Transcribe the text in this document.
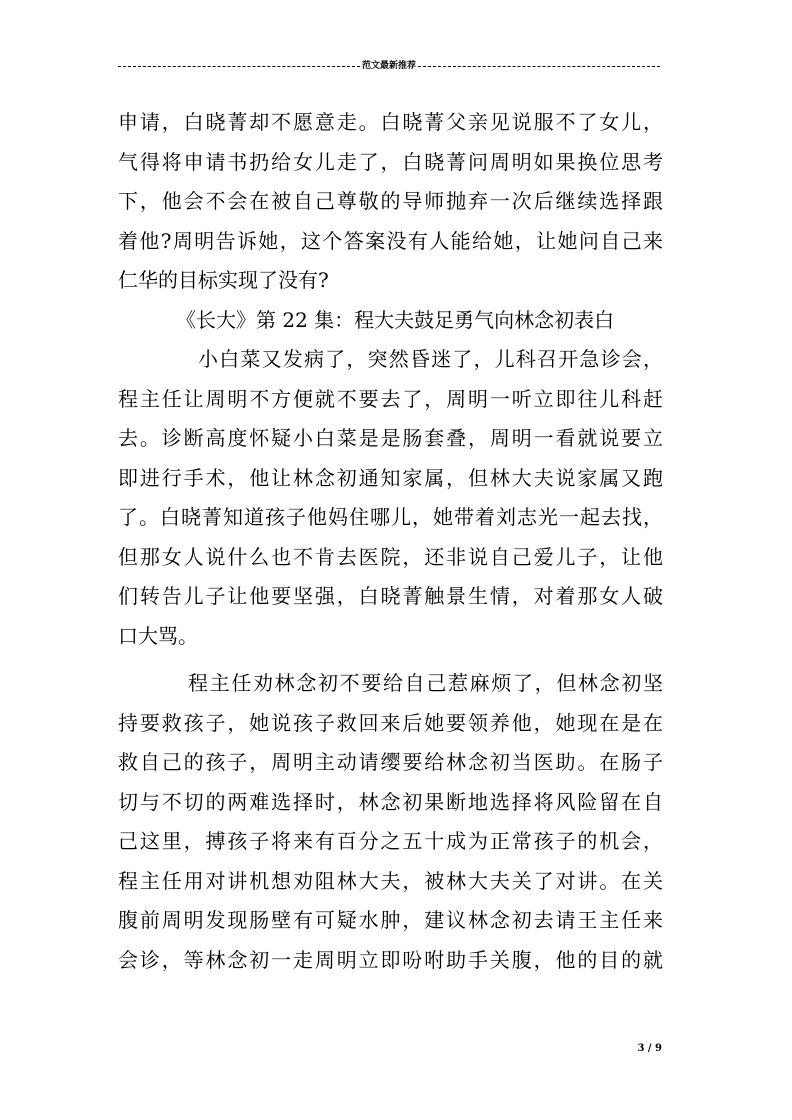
范文最新推荐
申请，白晓菁却不愿意走。白晓菁父亲见说服不了女儿，
气得将申请书扔给女儿走了，白晓菁问周明如果换位思考
下，他会不会在被自己尊敬的导师抛弃一次后继续选择跟
着他?周明告诉她，这个答案没有人能给她，让她问自己来
仁华的目标实现了没有?
《长大》第 22 集：程大夫鼓足勇气向林念初表白
小白菜又发病了，突然昏迷了，儿科召开急诊会，
程主任让周明不方便就不要去了，周明一听立即往儿科赶
去。诊断高度怀疑小白菜是是肠套叠，周明一看就说要立
即进行手术，他让林念初通知家属，但林大夫说家属又跑
了。白晓菁知道孩子他妈住哪儿，她带着刘志光一起去找，
但那女人说什么也不肯去医院，还非说自己爱儿子，让他
们转告儿子让他要坚强，白晓菁触景生情，对着那女人破
口大骂。
程主任劝林念初不要给自己惹麻烦了，但林念初坚
持要救孩子，她说孩子救回来后她要领养他，她现在是在
救自己的孩子，周明主动请缨要给林念初当医助。在肠子
切与不切的两难选择时，林念初果断地选择将风险留在自
己这里，搏孩子将来有百分之五十成为正常孩子的机会，
程主任用对讲机想劝阻林大夫，被林大夫关了对讲。在关
腹前周明发现肠壁有可疑水肿，建议林念初去请王主任来
会诊，等林念初一走周明立即吩咐助手关腹，他的目的就
3 / 9
